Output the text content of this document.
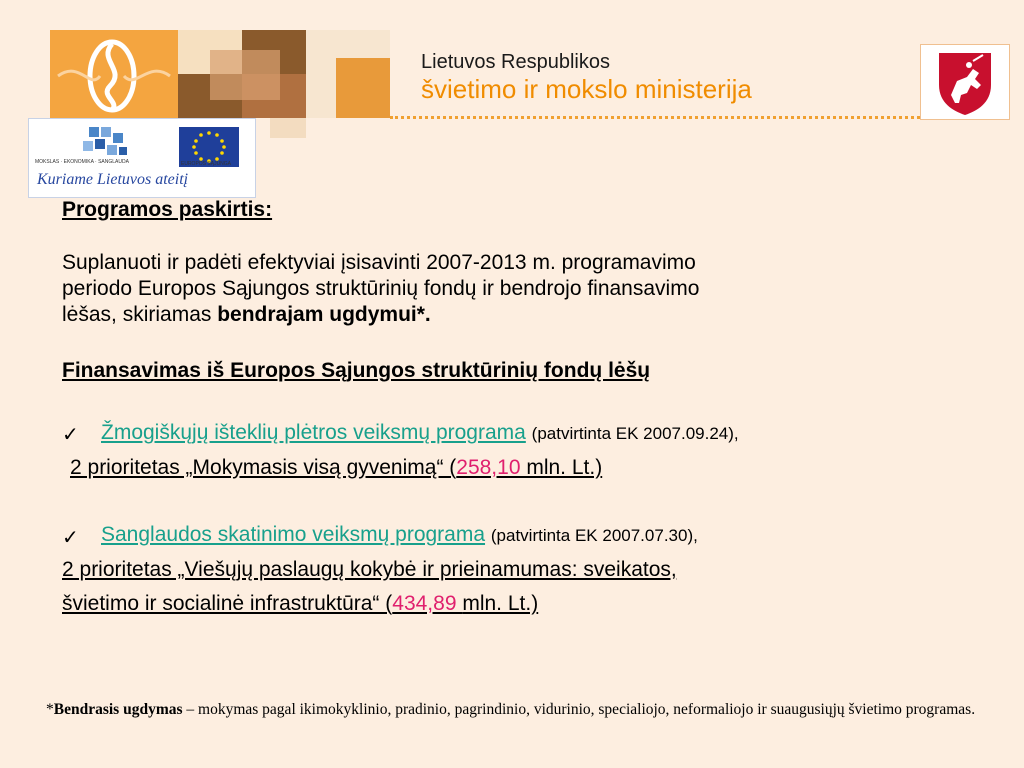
Lietuvos Respublikos
švietimo ir mokslo ministerija
MOKSLAS · EKONOMIKA · SANGLAUDA	EUROPOS SĄJUNGA
Kuriame Lietuvos ateitį
Programos paskirtis:
Suplanuoti ir padėti efektyviai įsisavinti 2007-2013 m. programavimo
periodo Europos Sąjungos struktūrinių fondų ir bendrojo finansavimo
lėšas, skiriamas bendrajam ugdymui*.
Finansavimas iš Europos Sąjungos struktūrinių fondų lėšų
✓ Žmogiškųjų išteklių plėtros veiksmų programa (patvirtinta EK 2007.09.24),
2 prioritetas „Mokymasis visą gyvenimą“ (258,10 mln. Lt.)
✓ Sanglaudos skatinimo veiksmų programa (patvirtinta EK 2007.07.30),
2 prioritetas „Viešųjų paslaugų kokybė ir prieinamumas: sveikatos,
švietimo ir socialinė infrastruktūra“ (434,89 mln. Lt.)
*Bendrasis ugdymas – mokymas pagal ikimokyklinio, pradinio, pagrindinio, vidurinio, specialiojo, neformaliojo ir suaugusiųjų švietimo programas.
